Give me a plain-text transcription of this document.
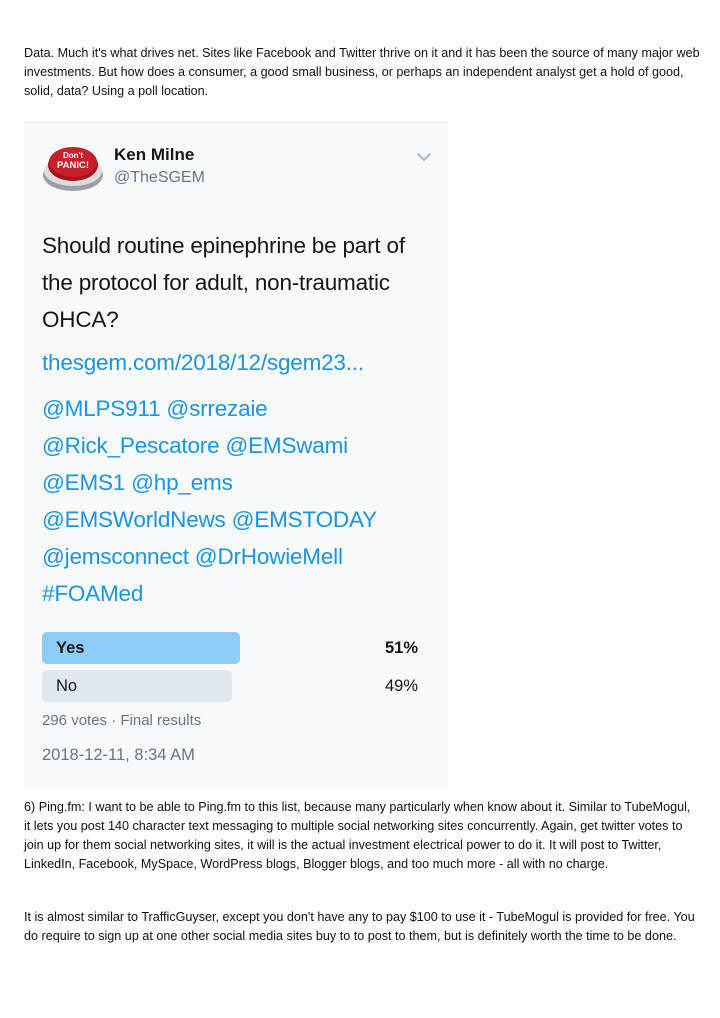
Data. Much it's what drives net. Sites like Facebook and Twitter thrive on it and it has been the source of many major web investments. But how does a consumer, a good small business, or perhaps an independent analyst get a hold of good, solid, data? Using a poll location.

Don't
PANIC!
Ken Milne
@TheSGEM
Should routine epinephrine be part of the protocol for adult, non-traumatic OHCA?
thesgem.com/2018/12/sgem23...
@MLPS911 @srrezaie
@Rick_Pescatore @EMSwami
@EMS1 @hp_ems
@EMSWorldNews @EMSTODAY
@jemsconnect @DrHowieMell
#FOAMed
Yes	51%
No	49%
296 votes · Final results
2018-12-11, 8:34 AM

6) Ping.fm: I want to be able to Ping.fm to this list, because many particularly when know about it. Similar to TubeMogul, it lets you post 140 character text messaging to multiple social networking sites concurrently. Again, get twitter votes to join up for them social networking sites, it will is the actual investment electrical power to do it. It will post to Twitter, LinkedIn, Facebook, MySpace, WordPress blogs, Blogger blogs, and too much more - all with no charge.

It is almost similar to TrafficGuyser, except you don't have any to pay $100 to use it - TubeMogul is provided for free. You do require to sign up at one other social media sites buy to to post to them, but is definitely worth the time to be done.
